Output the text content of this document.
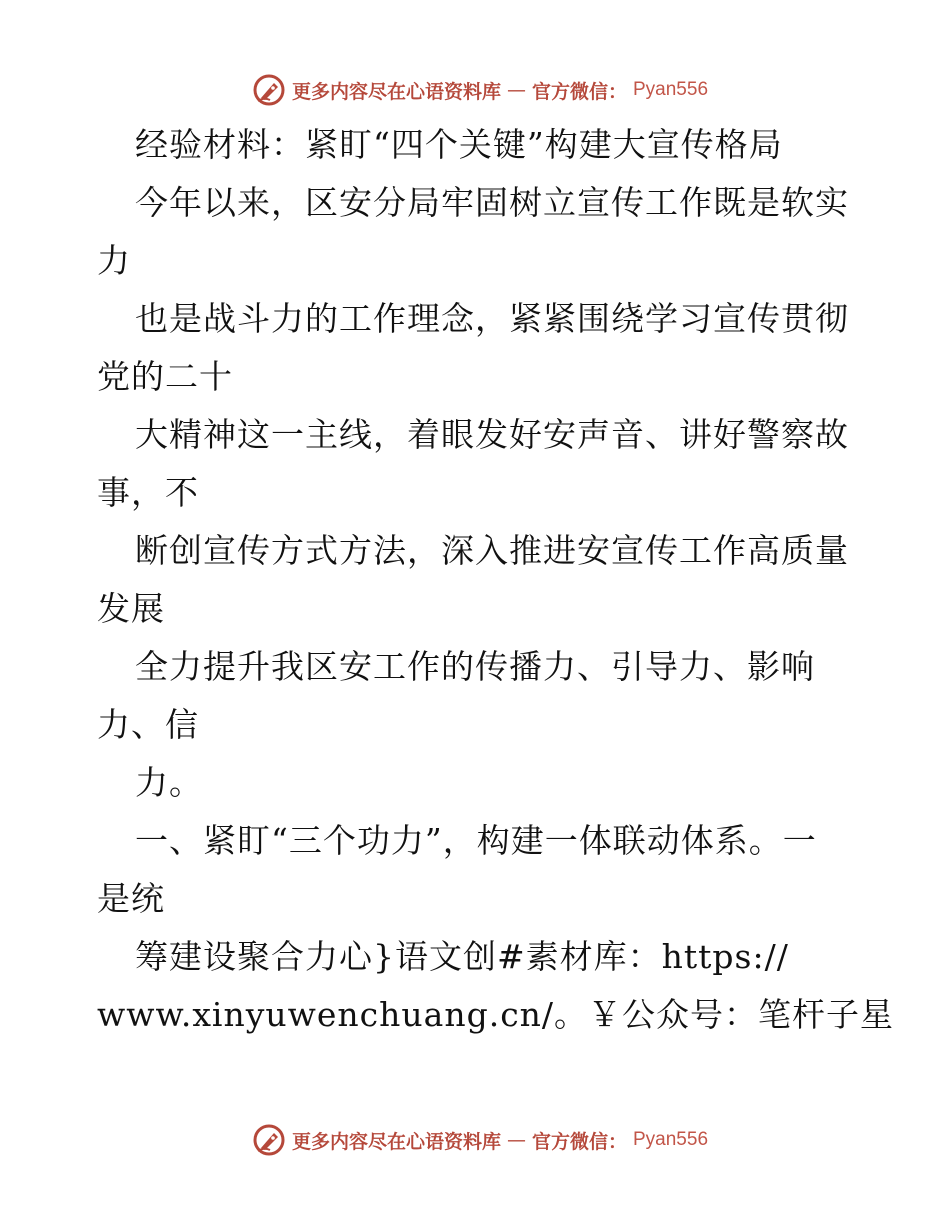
更多内容尽在心语资料库 — 官方微信： Pyan556
经验材料：紧盯“四个关键”构建大宣传格局
今年以来，区安分局牢固树立宣传工作既是软实
力
也是战斗力的工作理念，紧紧围绕学习宣传贯彻
党的二十
大精神这一主线，着眼发好安声音、讲好警察故
事，不
断创宣传方式方法，深入推进安宣传工作高质量
发展
全力提升我区安工作的传播力、引导力、影响
力、信
力。
一、紧盯“三个功力”，构建一体联动体系。一
是统
筹建设聚合力心}语文创#素材库：https://
www.xinyuwenchuang.cn/。￥公众号：笔杆子星
更多内容尽在心语资料库 — 官方微信： Pyan556
